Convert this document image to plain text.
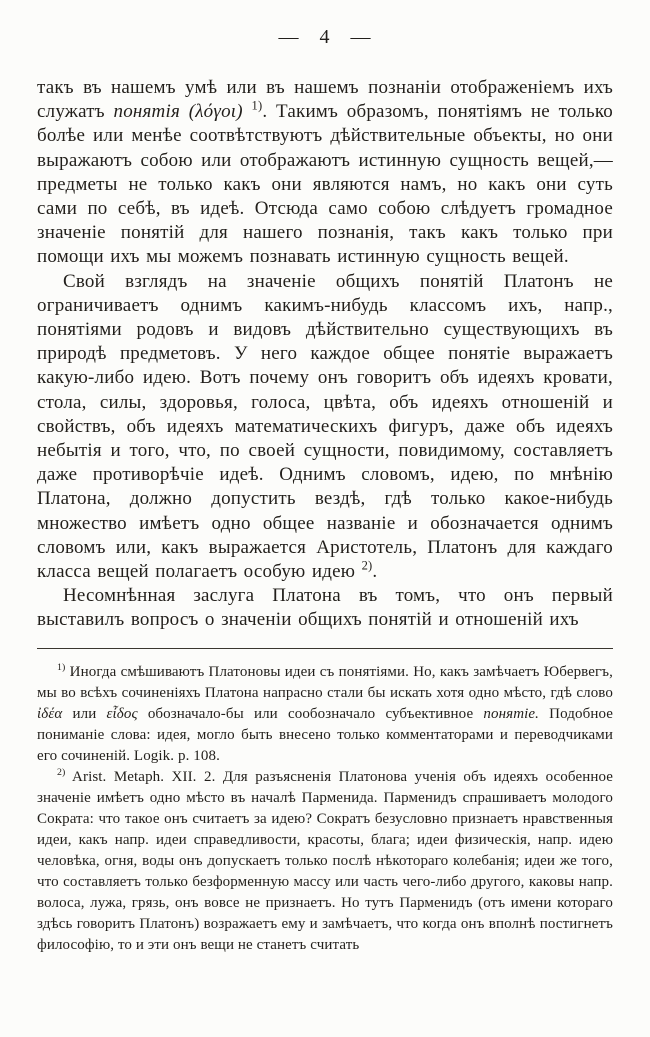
— 4 —

такъ въ нашемъ умѣ или въ нашемъ познаніи отображеніемъ ихъ служатъ понятія (λόγοι) $^{1)}$. Такимъ образомъ, понятіямъ не только болѣе или менѣе соотвѣтствуютъ дѣйствительные объекты, но они выражаютъ собою или отображаютъ истинную сущность вещей,—предметы не только какъ они являются намъ, но какъ они суть сами по себѣ, въ идеѣ. Отсюда само собою слѣдуетъ громадное значеніе понятій для нашего познанія, такъ какъ только при помощи ихъ мы можемъ познавать истинную сущность вещей.

Свой взглядъ на значеніе общихъ понятій Платонъ не ограничиваетъ однимъ какимъ-нибудь классомъ ихъ, напр., понятіями родовъ и видовъ дѣйствительно существующихъ въ природѣ предметовъ. У него каждое общее понятіе выражаетъ какую-либо идею. Вотъ почему онъ говоритъ объ идеяхъ кровати, стола, силы, здоровья, голоса, цвѣта, объ идеяхъ отношеній и свойствъ, объ идеяхъ математическихъ фигуръ, даже объ идеяхъ небытія и того, что, по своей сущности, повидимому, составляетъ даже противорѣчіе идеѣ. Однимъ словомъ, идею, по мнѣнію Платона, должно допустить вездѣ, гдѣ только какое-нибудь множество имѣетъ одно общее названіе и обозначается однимъ словомъ или, какъ выражается Аристотель, Платонъ для каждаго класса вещей полагаетъ особую идею $^{2)}$.

Несомнѣнная заслуга Платона въ томъ, что онъ первый выставилъ вопросъ о значеніи общихъ понятій и отношеній ихъ

$^{1)}$ Иногда смѣшиваютъ Платоновы идеи съ понятіями. Но, какъ замѣчаетъ Юбервегъ, мы во всѣхъ сочиненіяхъ Платона напрасно стали бы искать хотя одно мѣсто, гдѣ слово ἰδέα или εἶδος обозначало-бы или сообозначало субъективное понятіе. Подобное пониманіе слова: идея, могло быть внесено только комментаторами и переводчиками его сочиненій. Logik. p. 108.

$^{2)}$ Arist. Metaph. XII. 2. Для разъясненія Платонова ученія объ идеяхъ особенное значеніе имѣетъ одно мѣсто въ началѣ Парменида. Парменидъ спрашиваетъ молодого Сократа: что такое онъ считаетъ за идею? Сократъ безусловно признаетъ нравственныя идеи, какъ напр. идеи справедливости, красоты, блага; идеи физическія, напр. идею человѣка, огня, воды онъ допускаетъ только послѣ нѣкотораго колебанія; идеи же того, что составляетъ только безформенную массу или часть чего-либо другого, каковы напр. волоса, лужа, грязь, онъ вовсе не признаетъ. Но тутъ Парменидъ (отъ имени котораго здѣсь говоритъ Платонъ) возражаетъ ему и замѣчаетъ, что когда онъ вполнѣ постигнетъ философію, то и эти онъ вещи не станетъ считать
